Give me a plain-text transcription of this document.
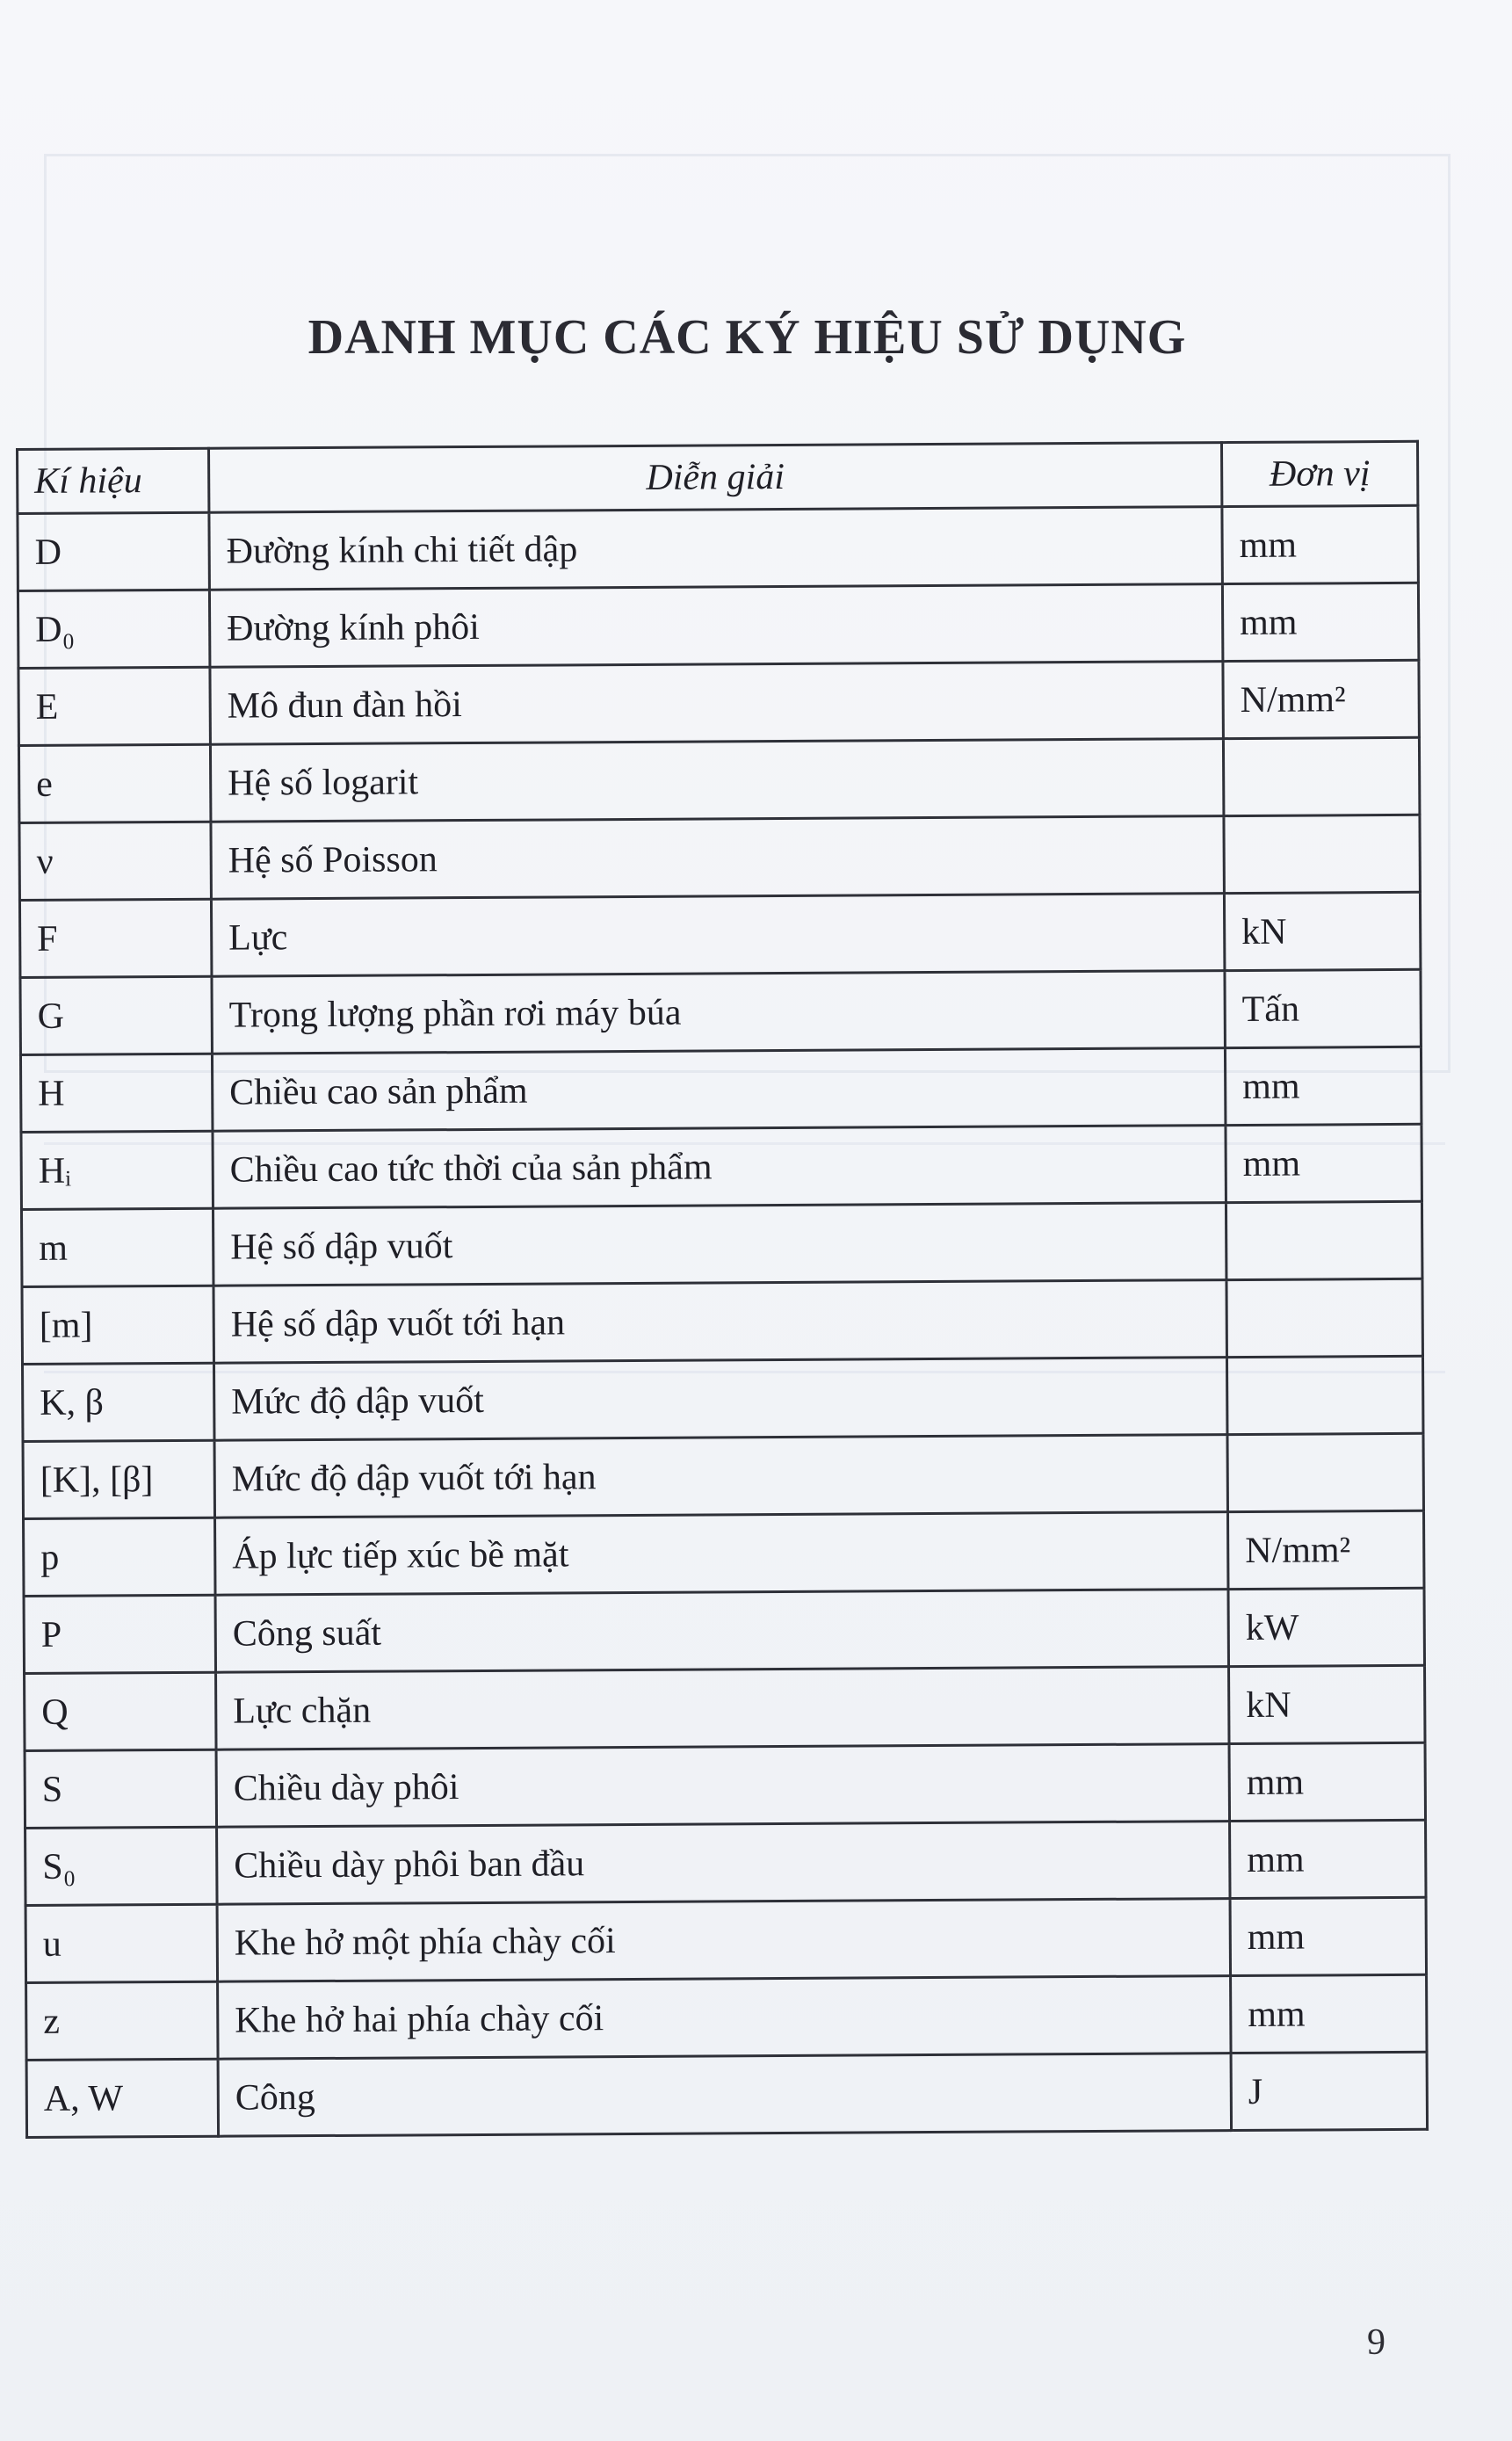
DANH MỤC CÁC KÝ HIỆU SỬ DỤNG
Kí hiệu	Diễn giải	Đơn vị
D	Đường kính chi tiết dập	mm
D₀	Đường kính phôi	mm
E	Mô đun đàn hồi	N/mm²
e	Hệ số logarit	
ν	Hệ số Poisson	
F	Lực	kN
G	Trọng lượng phần rơi máy búa	Tấn
H	Chiều cao sản phẩm	mm
Hᵢ	Chiều cao tức thời của sản phẩm	mm
m	Hệ số dập vuốt	
[m]	Hệ số dập vuốt tới hạn	
K, β	Mức độ dập vuốt	
[K], [β]	Mức độ dập vuốt tới hạn	
p	Áp lực tiếp xúc bề mặt	N/mm²
P	Công suất	kW
Q	Lực chặn	kN
S	Chiều dày phôi	mm
S₀	Chiều dày phôi ban đầu	mm
u	Khe hở một phía chày cối	mm
z	Khe hở hai phía chày cối	mm
A, W	Công	J
9
